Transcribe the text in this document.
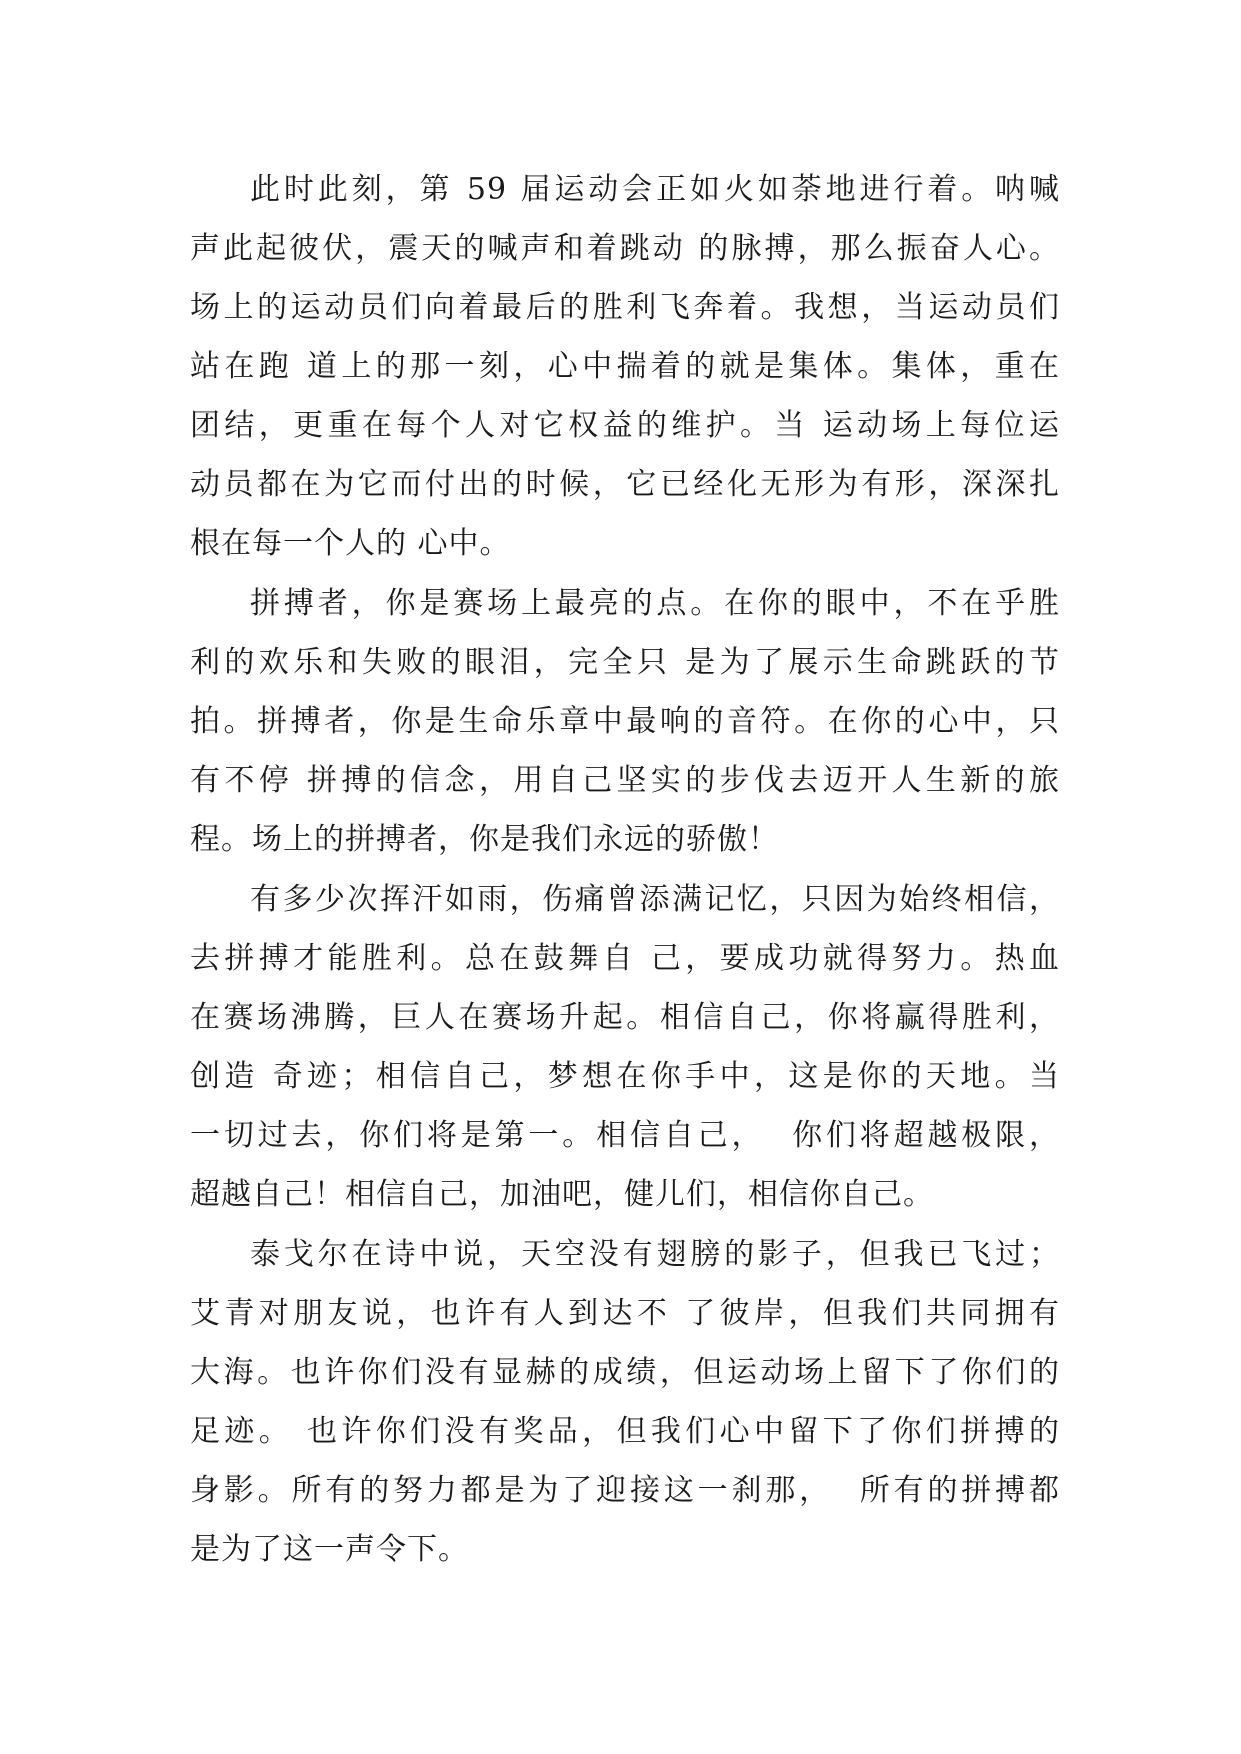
此时此刻，第 59 届运动会正如火如荼地进行着。呐喊
声此起彼伏，震天的喊声和着跳动 的脉搏，那么振奋人心。
场上的运动员们向着最后的胜利飞奔着。我想，当运动员们
站在跑 道上的那一刻，心中揣着的就是集体。集体，重在
团结，更重在每个人对它权益的维护。当 运动场上每位运
动员都在为它而付出的时候，它已经化无形为有形，深深扎
根在每一个人的 心中。

拼搏者，你是赛场上最亮的点。在你的眼中，不在乎胜
利的欢乐和失败的眼泪，完全只 是为了展示生命跳跃的节
拍。拼搏者，你是生命乐章中最响的音符。在你的心中，只
有不停 拼搏的信念，用自己坚实的步伐去迈开人生新的旅
程。场上的拼搏者，你是我们永远的骄傲！

有多少次挥汗如雨，伤痛曾添满记忆，只因为始终相信，
去拼搏才能胜利。总在鼓舞自 己，要成功就得努力。热血
在赛场沸腾，巨人在赛场升起。相信自己，你将赢得胜利，
创造 奇迹；相信自己，梦想在你手中，这是你的天地。当
一切过去，你们将是第一。相信自己，  你们将超越极限，
超越自己！相信自己，加油吧，健儿们，相信你自己。

泰戈尔在诗中说，天空没有翅膀的影子，但我已飞过；
艾青对朋友说，也许有人到达不 了彼岸，但我们共同拥有
大海。也许你们没有显赫的成绩，但运动场上留下了你们的
足迹。 也许你们没有奖品，但我们心中留下了你们拼搏的
身影。所有的努力都是为了迎接这一刹那，  所有的拼搏都
是为了这一声令下。
